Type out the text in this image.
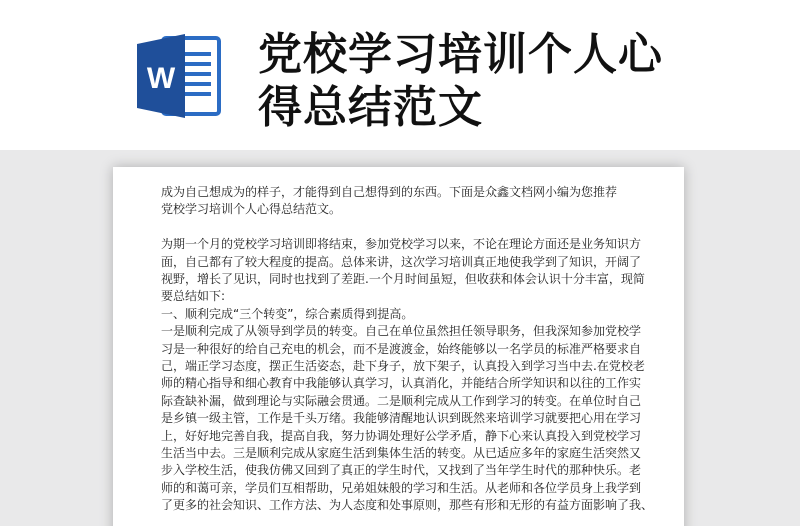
W 党校学习培训个人心
得总结范文
成为自己想成为的样子，才能得到自己想得到的东西。下面是众鑫文档网小编为您推荐
党校学习培训个人心得总结范文。
为期一个月的党校学习培训即将结束，参加党校学习以来，不论在理论方面还是业务知识方
面，自己都有了较大程度的提高。总体来讲，这次学习培训真正地使我学到了知识，开阔了
视野，增长了见识，同时也找到了差距.一个月时间虽短，但收获和体会认识十分丰富，现简
要总结如下:
一、顺利完成“三个转变”，综合素质得到提高。
一是顺利完成了从领导到学员的转变。自己在单位虽然担任领导职务，但我深知参加党校学
习是一种很好的给自己充电的机会，而不是渡渡金，始终能够以一名学员的标准严格要求自
己，端正学习态度，摆正生活姿态，赴下身子，放下架子，认真投入到学习当中去.在党校老
师的精心指导和细心教育中我能够认真学习，认真消化，并能结合所学知识和以往的工作实
际查缺补漏，做到理论与实际融会贯通。二是顺利完成从工作到学习的转变。在单位时自己
是乡镇一级主管，工作是千头万绪。我能够清醒地认识到既然来培训学习就要把心用在学习
上，好好地完善自我，提高自我，努力协调处理好公学矛盾，静下心来认真投入到党校学习
生活当中去。三是顺利完成从家庭生活到集体生活的转变。从已适应多年的家庭生活突然又
步入学校生活，使我仿佛又回到了真正的学生时代，又找到了当年学生时代的那种快乐。老
师的和蔼可亲，学员们互相帮助，兄弟姐妹般的学习和生活。从老师和各位学员身上我学到
了更多的社会知识、工作方法、为人态度和处事原则，那些有形和无形的有益方面影响了我、
